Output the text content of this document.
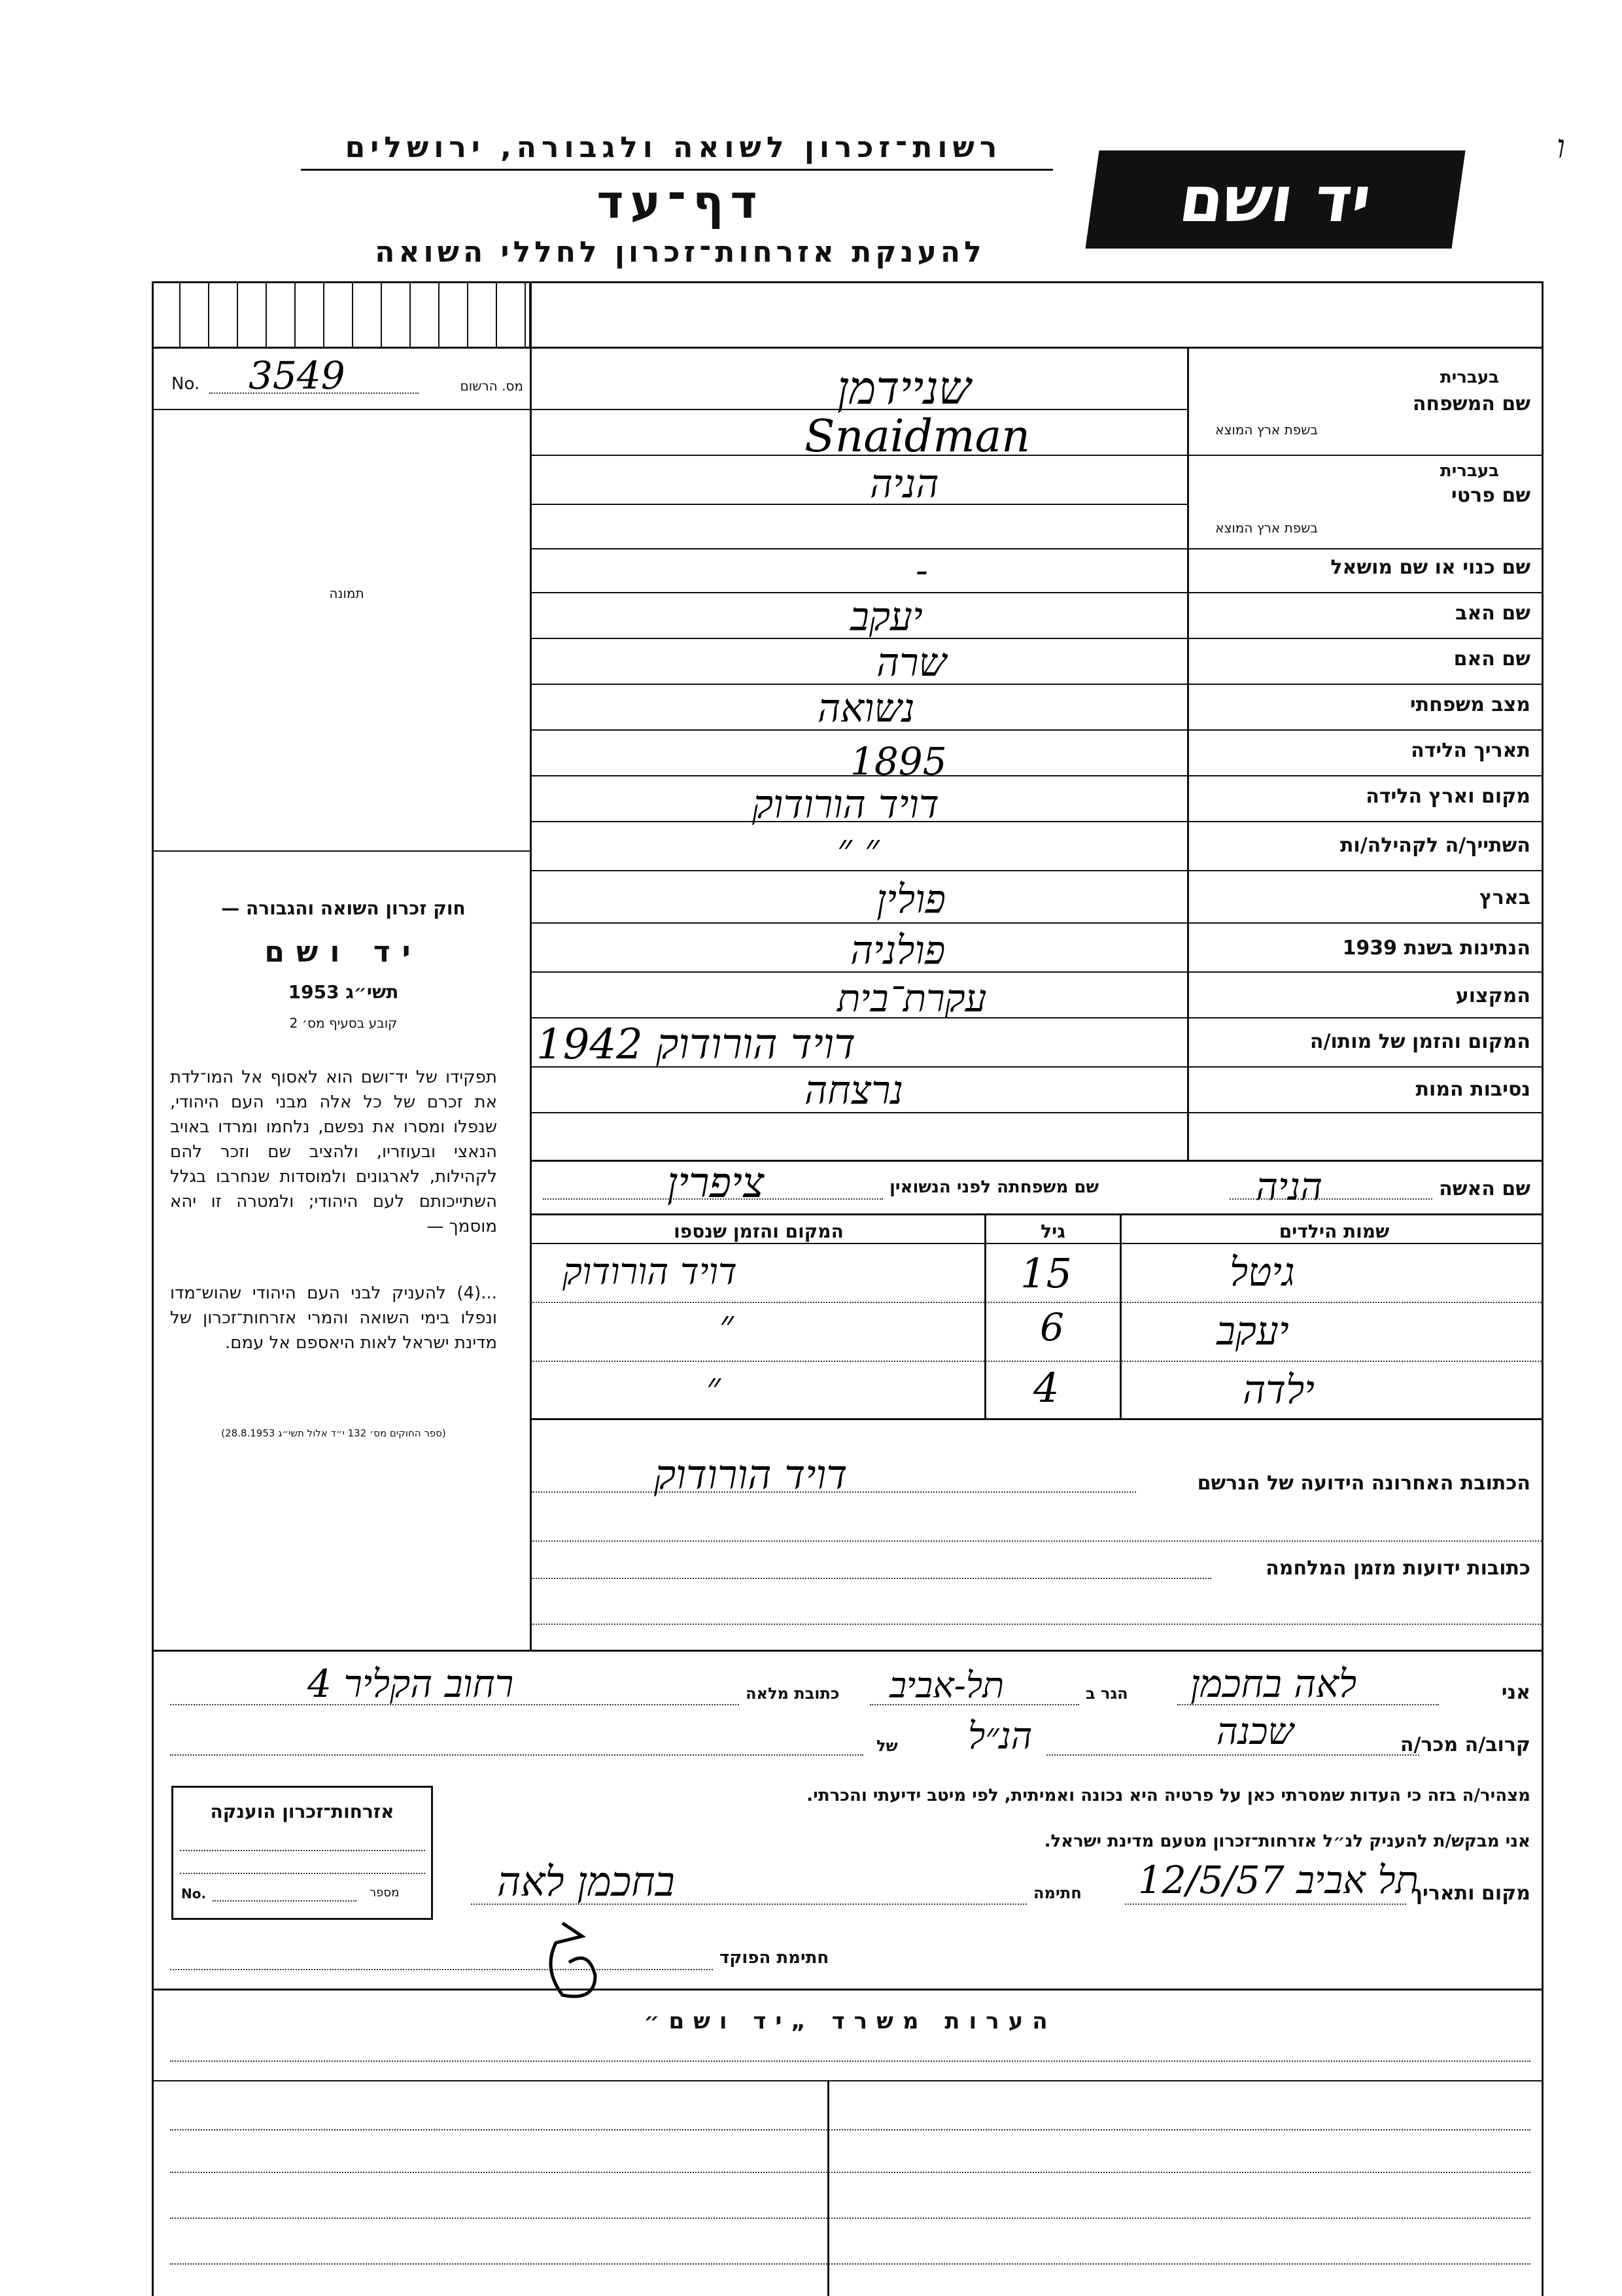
רשות־זכרון לשואה ולגבורה, ירושלים
דף־עד
להענקת אזרחות־זכרון לחללי השואה
יד ושם
ו
No. 3549	מס. הרשום
תמונה
חוק זכרון השואה והגבורה —
יד ושם
תשי״ג 1953
קובע בסעיף מס׳ 2
תפקידו של יד־ושם הוא לאסוף אל המו־לדת את זכרם של כל אלה מבני העם היהודי, שנפלו ומסרו את נפשם, נלחמו ומרדו באויב הנאצי ובעוזריו, ולהציב שם וזכר להם לקהילות, לארגונים ולמוסדות שנחרבו בגלל השתייכותם לעם היהודי; ולמטרה זו יהא מוסמך —
...(4) להעניק לבני העם היהודי שהוש־מדו ונפלו בימי השואה והמרי אזרחות־זכרון של מדינת ישראל לאות היאספם אל עמם.
(ספר החוקים מס׳ 132 י״ד אלול תשי״ג 28.8.1953)
בעברית
שם המשפחה
בשפת ארץ המוצא
שניידמן
Snaidman
בעברית
שם פרטי
בשפת ארץ המוצא
הניה
שם כנוי או שם מושאל
-
שם האב
יעקב
שם האם
שרה
מצב משפחתי
נשואה
תאריך הלידה
1895
מקום וארץ הלידה
דויד הורודוק
השתייך/ה לקהילה/ות
״ ״
בארץ
פולין
הנתינות בשנת 1939
פולניה
המקצוע
עקרת־בית
המקום והזמן של מותו/ה
דויד הורודוק 1942
נסיבות המות
נרצחה
שם האשה
הניה
שם משפחתה לפני הנשואין
ציפרין
שמות הילדים
גיל
המקום והזמן שנספו
גיטל
15
דויד הורודוק
יעקב
6
״
ילדה
4
״
הכתובת האחרונה הידועה של הנרשם
דויד הורודוק
כתובות ידועות מזמן המלחמה
אני
לאה בחכמן
הגר ב
תל-אביב
כתובת מלאה
רחוב הקליר 4
קרוב/ה מכר/ה
שכנה
של הנ״ל
מצהיר/ה בזה כי העדות שמסרתי כאן על פרטיה היא נכונה ואמיתית, לפי מיטב ידיעתי והכרתי.
אני מבקש/ת להעניק לנ״ל אזרחות־זכרון מטעם מדינת ישראל.
מקום ותאריך
תל אביב 12/5/57
חתימה
בחכמן לאה
חתימת הפוקד
אזרחות־זכרון הוענקה
No.	מספר
הערות משרד „יד ושם״
